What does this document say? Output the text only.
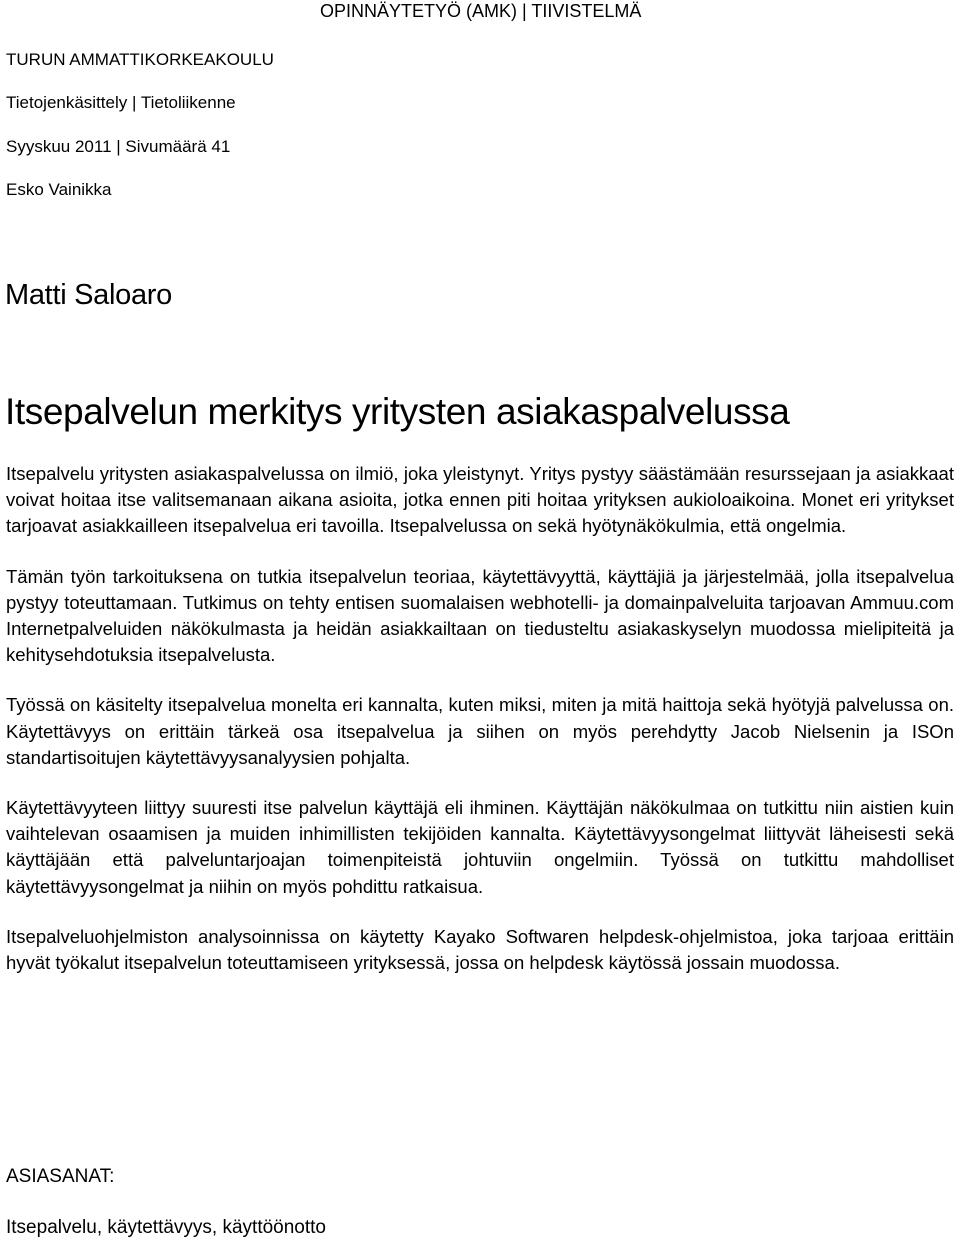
OPINNÄYTETYÖ (AMK) | TIIVISTELMÄ
TURUN AMMATTIKORKEAKOULU
Tietojenkäsittely | Tietoliikenne
Syyskuu 2011 | Sivumäärä 41
Esko Vainikka
Matti Saloaro
Itsepalvelun merkitys yritysten asiakaspalvelussa

Itsepalvelu yritysten asiakaspalvelussa on ilmiö, joka yleistynyt. Yritys pystyy säästämään resurssejaan ja asiakkaat voivat hoitaa itse valitsemanaan aikana asioita, jotka ennen piti hoitaa yrityksen aukioloaikoina. Monet eri yritykset tarjoavat asiakkailleen itsepalvelua eri tavoilla. Itsepalvelussa on sekä hyötynäkökulmia, että ongelmia.

Tämän työn tarkoituksena on tutkia itsepalvelun teoriaa, käytettävyyttä, käyttäjiä ja järjestelmää, jolla itsepalvelua pystyy toteuttamaan. Tutkimus on tehty entisen suomalaisen webhotelli- ja domainpalveluita tarjoavan Ammuu.com Internetpalveluiden näkökulmasta ja heidän asiakkailtaan on tiedusteltu asiakaskyselyn muodossa mielipiteitä ja kehitysehdotuksia itsepalvelusta.

Työssä on käsitelty itsepalvelua monelta eri kannalta, kuten miksi, miten ja mitä haittoja sekä hyötyjä palvelussa on. Käytettävyys on erittäin tärkeä osa itsepalvelua ja siihen on myös perehdytty Jacob Nielsenin ja ISOn standartisoitujen käytettävyysanalyysien pohjalta.

Käytettävyyteen liittyy suuresti itse palvelun käyttäjä eli ihminen. Käyttäjän näkökulmaa on tutkittu niin aistien kuin vaihtelevan osaamisen ja muiden inhimillisten tekijöiden kannalta. Käytettävyysongelmat liittyvät läheisesti sekä käyttäjään että palveluntarjoajan toimenpiteistä johtuviin ongelmiin. Työssä on tutkittu mahdolliset käytettävyysongelmat ja niihin on myös pohdittu ratkaisua.

Itsepalveluohjelmiston analysoinnissa on käytetty Kayako Softwaren helpdesk-ohjelmistoa, joka tarjoaa erittäin hyvät työkalut itsepalvelun toteuttamiseen yrityksessä, jossa on helpdesk käytössä jossain muodossa.

ASIASANAT:
Itsepalvelu, käytettävyys, käyttöönotto
